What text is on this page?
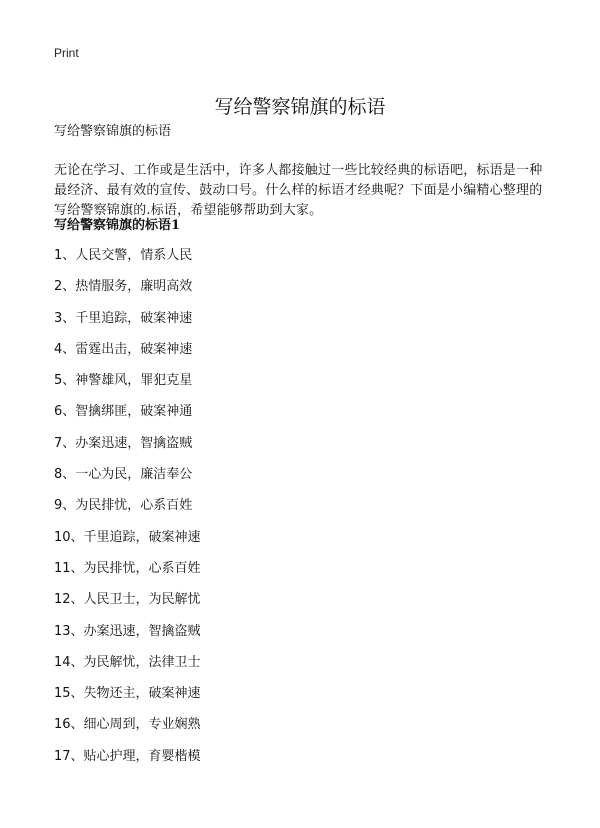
Print
写给警察锦旗的标语
写给警察锦旗的标语

无论在学习、工作或是生活中，许多人都接触过一些比较经典的标语吧，标语是一种最经济、最有效的宣传、鼓动口号。什么样的标语才经典呢？下面是小编精心整理的写给警察锦旗的.标语，希望能够帮助到大家。

写给警察锦旗的标语1
1、人民交警，情系人民
2、热情服务，廉明高效
3、千里追踪，破案神速
4、雷霆出击，破案神速
5、神警雄风，罪犯克星
6、智擒绑匪，破案神通
7、办案迅速，智擒盗贼
8、一心为民，廉洁奉公
9、为民排忧，心系百姓
10、千里追踪，破案神速
11、为民排忧，心系百姓
12、人民卫士，为民解忧
13、办案迅速，智擒盗贼
14、为民解忧，法律卫士
15、失物还主，破案神速
16、细心周到，专业娴熟
17、贴心护理，育婴楷模
